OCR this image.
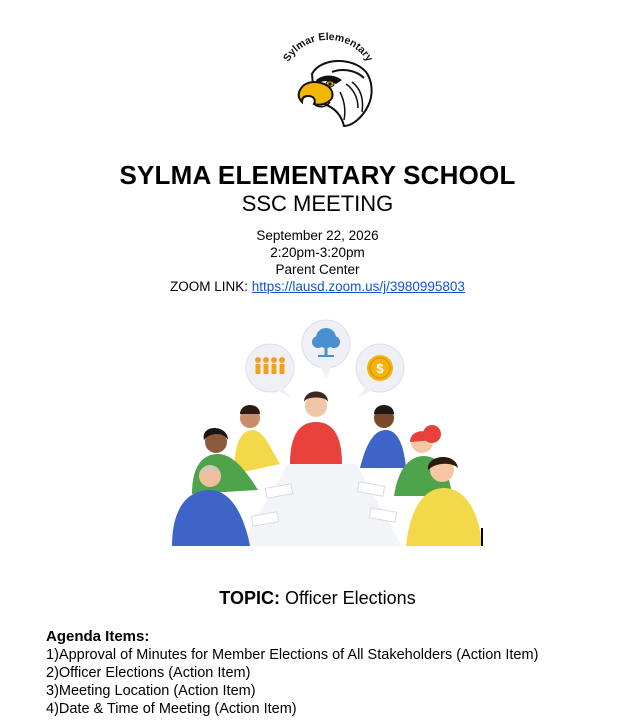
Sylmar Elementary
SYLMA ELEMENTARY SCHOOL
SSC MEETING
September 22, 2026
2:20pm-3:20pm
Parent Center
ZOOM LINK: https://lausd.zoom.us/j/3980995803
$
TOPIC: Officer Elections
Agenda Items:
1)Approval of Minutes for Member Elections of All Stakeholders (Action Item)
2)Officer Elections (Action Item)
3)Meeting Location (Action Item)
4)Date & Time of Meeting (Action Item)
